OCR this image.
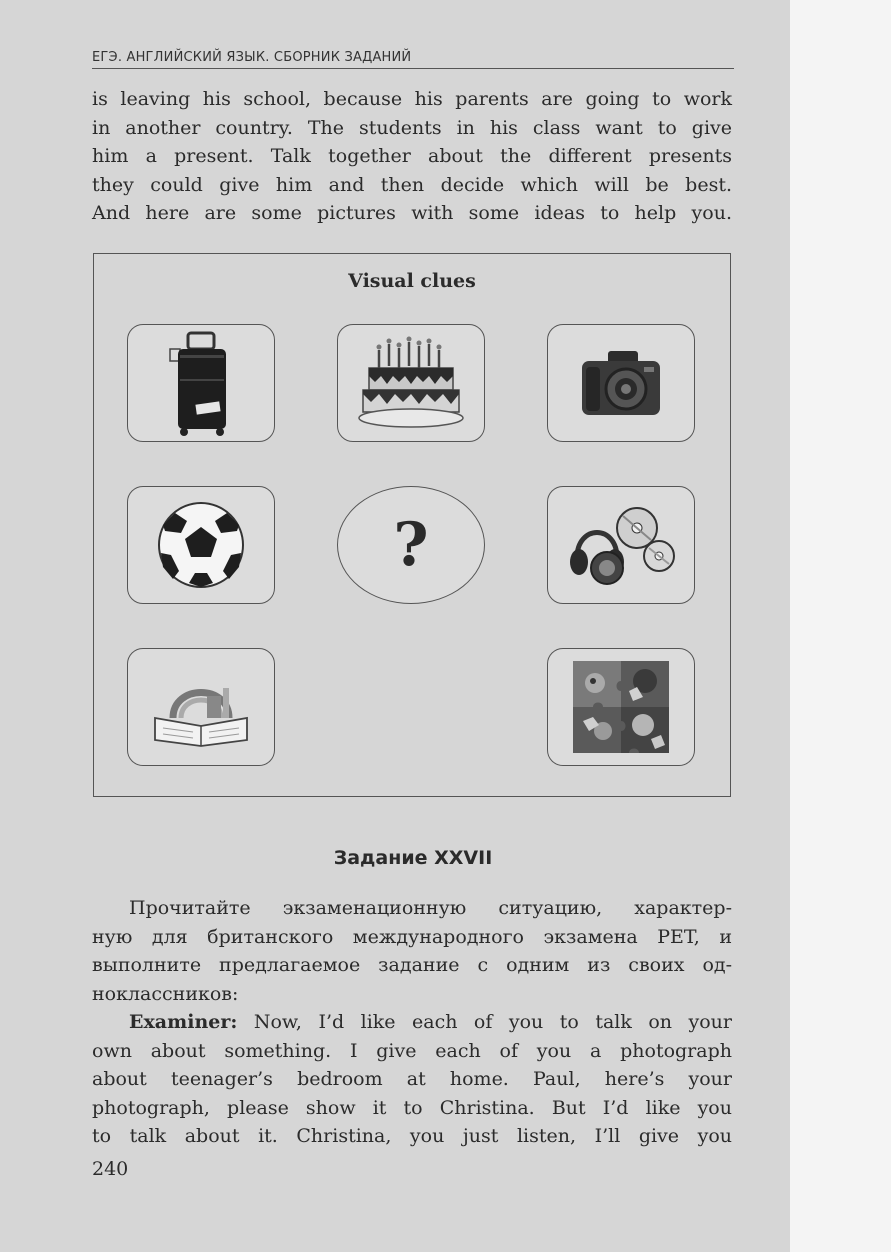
ЕГЭ. АНГЛИЙСКИЙ ЯЗЫК. СБОРНИК ЗАДАНИЙ
is leaving his school, because his parents are going to work
in another country. The students in his class want to give
him a present. Talk together about the different presents
they could give him and then decide which will be best.
And here are some pictures with some ideas to help you.
Visual clues
?
Задание XXVII
Прочитайте экзаменационную ситуацию, характер-
ную для британского международного экзамена PET, и
выполните предлагаемое задание с одним из своих од-
ноклассников:
Examiner: Now, I’d like each of you to talk on your
own about something. I give each of you a photograph
about teenager’s bedroom at home. Paul, here’s your
photograph, please show it to Christina. But I’d like you
to talk about it. Christina, you just listen, I’ll give you
240
